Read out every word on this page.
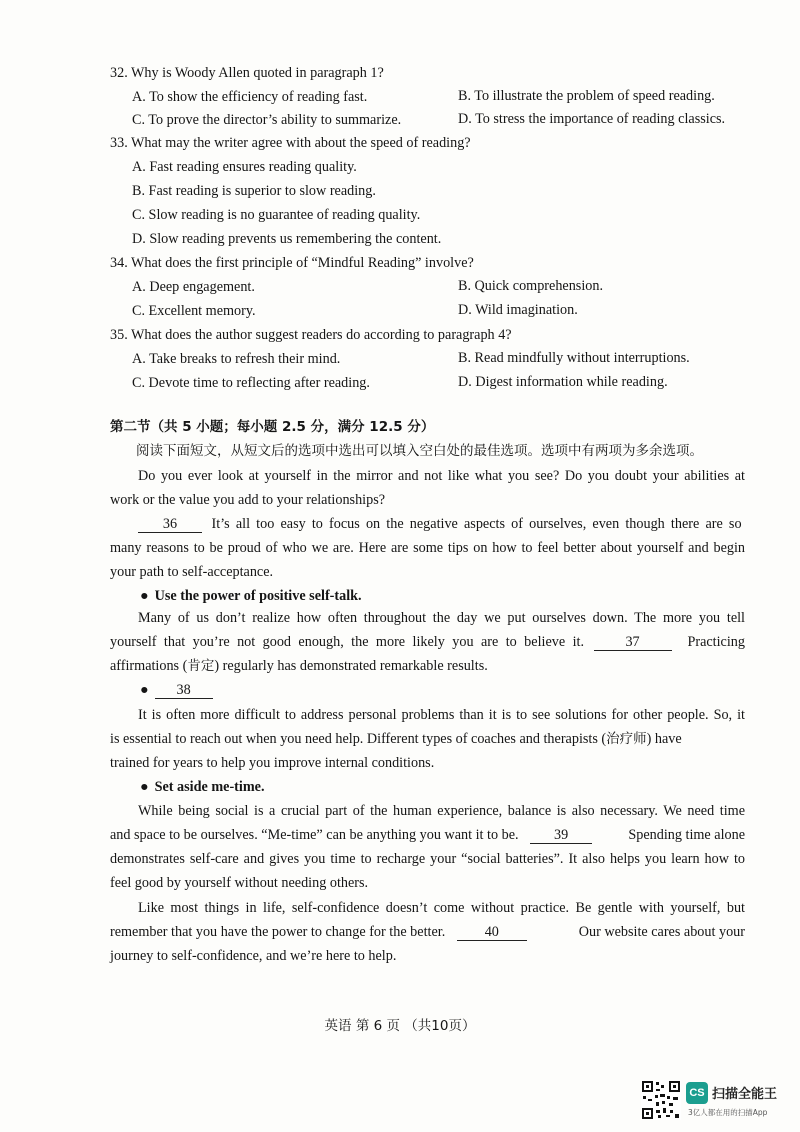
32. Why is Woody Allen quoted in paragraph 1?
A. To show the efficiency of reading fast.	B. To illustrate the problem of speed reading.
C. To prove the director’s ability to summarize.	D. To stress the importance of reading classics.
33. What may the writer agree with about the speed of reading?
A. Fast reading ensures reading quality.
B. Fast reading is superior to slow reading.
C. Slow reading is no guarantee of reading quality.
D. Slow reading prevents us remembering the content.
34. What does the first principle of “Mindful Reading” involve?
A. Deep engagement.	B. Quick comprehension.
C. Excellent memory.	D. Wild imagination.
35. What does the author suggest readers do according to paragraph 4?
A. Take breaks to refresh their mind.	B. Read mindfully without interruptions.
C. Devote time to reflecting after reading.	D. Digest information while reading.
第二节（共 5 小题；每小题 2.5 分，满分 12.5 分）
阅读下面短文，从短文后的选项中选出可以填入空白处的最佳选项。选项中有两项为多余选项。
Do you ever look at yourself in the mirror and not like what you see? Do you doubt your abilities at
work or the value you add to your relationships?
36 It’s all too easy to focus on the negative aspects of ourselves, even though there are so
many reasons to be proud of who we are. Here are some tips on how to feel better about yourself and begin
your path to self-acceptance.
● Use the power of positive self-talk.
Many of us don’t realize how often throughout the day we put ourselves down. The more you tell
yourself that you’re not good enough, the more likely you are to believe it.	37	Practicing
affirmations (肯定) regularly has demonstrated remarkable results.
● 38
It is often more difficult to address personal problems than it is to see solutions for other people. So, it
is essential to reach out when you need help. Different types of coaches and therapists (治疗师) have
trained for years to help you improve internal conditions.
● Set aside me-time.
While being social is a crucial part of the human experience, balance is also necessary. We need time
and space to be ourselves. “Me-time” can be anything you want it to be. 39	Spending time alone
demonstrates self-care and gives you time to recharge your “social batteries”. It also helps you learn how to
feel good by yourself without needing others.
Like most things in life, self-confidence doesn’t come without practice. Be gentle with yourself, but
remember that you have the power to change for the better.	40	Our website cares about your
journey to self-confidence, and we’re here to help.
英语 第 6 页 （共10页）
CS 扫描全能王
3亿人都在用的扫描App
